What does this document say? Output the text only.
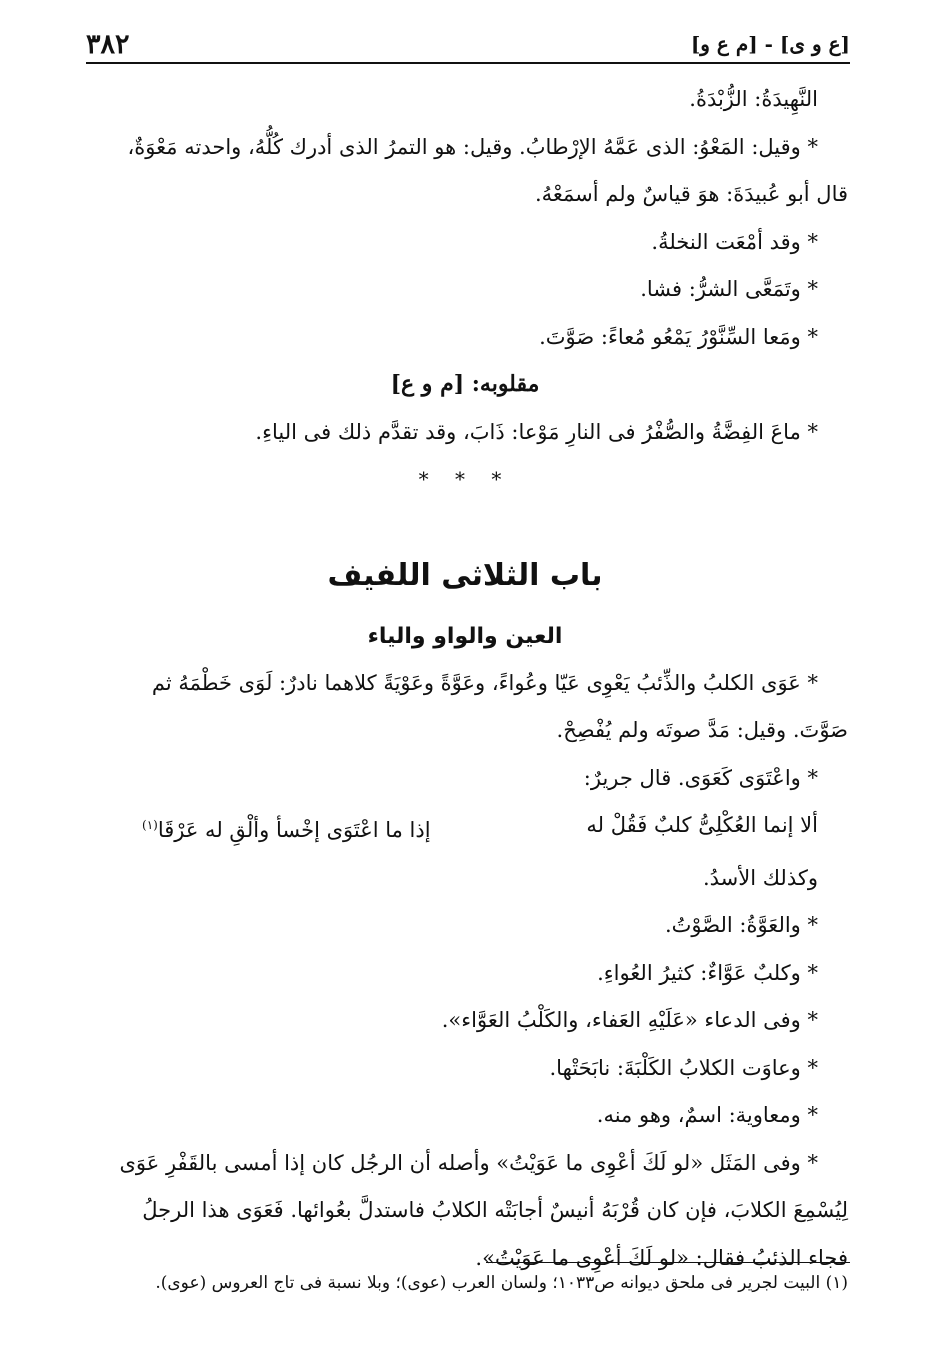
٣٨٢	[م ع و] - [ع و ى]

النَّهِيدَةُ: الزُّبْدَةُ.

* وقيل: المَعْوُ: الذى عَمَّهُ الإرْطابُ. وقيل: هو التمرُ الذى أدرك كُلُّهُ، واحدته مَعْوَةٌ،

قال أبو عُبيدَةَ: هوَ قياسٌ ولم أسمَعْهُ.

* وقد أمْعَت النخلةُ.

* وتَمَعَّى الشرُّ: فشا.

* ومَعا السِّنَّوْرُ يَمْعُو مُعاءً: صَوَّتَ.

مقلوبه: [م و ع]

* ماعَ الفِضَّةُ والصُّفْرُ فى النارِ مَوْعا: ذَابَ، وقد تقدَّم ذلك فى الياءِ.

* * *

باب الثلاثى اللفيف

العين والواو والياء

* عَوَى الكلبُ والذِّئبُ يَعْوِى عَيّا وعُواءً، وعَوَّةً وعَوْيَةً كلاهما نادرٌ: لَوَى خَطْمَهُ ثم

صَوَّتَ. وقيل: مَدَّ صوتَه ولم يُفْصِحْ.

* واعْتَوَى كَعَوَى. قال جريرٌ:

ألا إنما العُكْلِىُّ كلبٌ فَقُلْ له
إذا ما اعْتَوَى إخْسأ وألْقِ له عَرْقَا$^{(١)}$

وكذلك الأسدُ.

* والعَوَّةُ: الصَّوْتُ.

* وكلبٌ عَوَّاءٌ: كثيرُ العُواءِ.

* وفى الدعاء «عَلَيْهِ العَفاء، والكَلْبُ العَوَّاء».

* وعاوَت الكلابُ الكَلْبَةَ: نابَحَتْها.

* ومعاوية: اسمٌ، وهو منه.

* وفى المَثَل «لو لَكَ أعْوِى ما عَوَيْتُ» وأصله أن الرجُل كان إذا أمسى بالقَفْرِ عَوَى

لِيُسْمِعَ الكلابَ، فإن كان قُرْبَهُ أنيسٌ أجابَتْه الكلابُ فاستدلَّ بعُوائها. فَعَوَى هذا الرجلُ

فجاء الذئبُ فقال: «لو لَكَ أعْوِى ما عَوَيْتُ».

(١) البيت لجرير فى ملحق ديوانه ص١٠٣٣؛ ولسان العرب (عوى)؛ وبلا نسبة فى تاج العروس (عوى).
